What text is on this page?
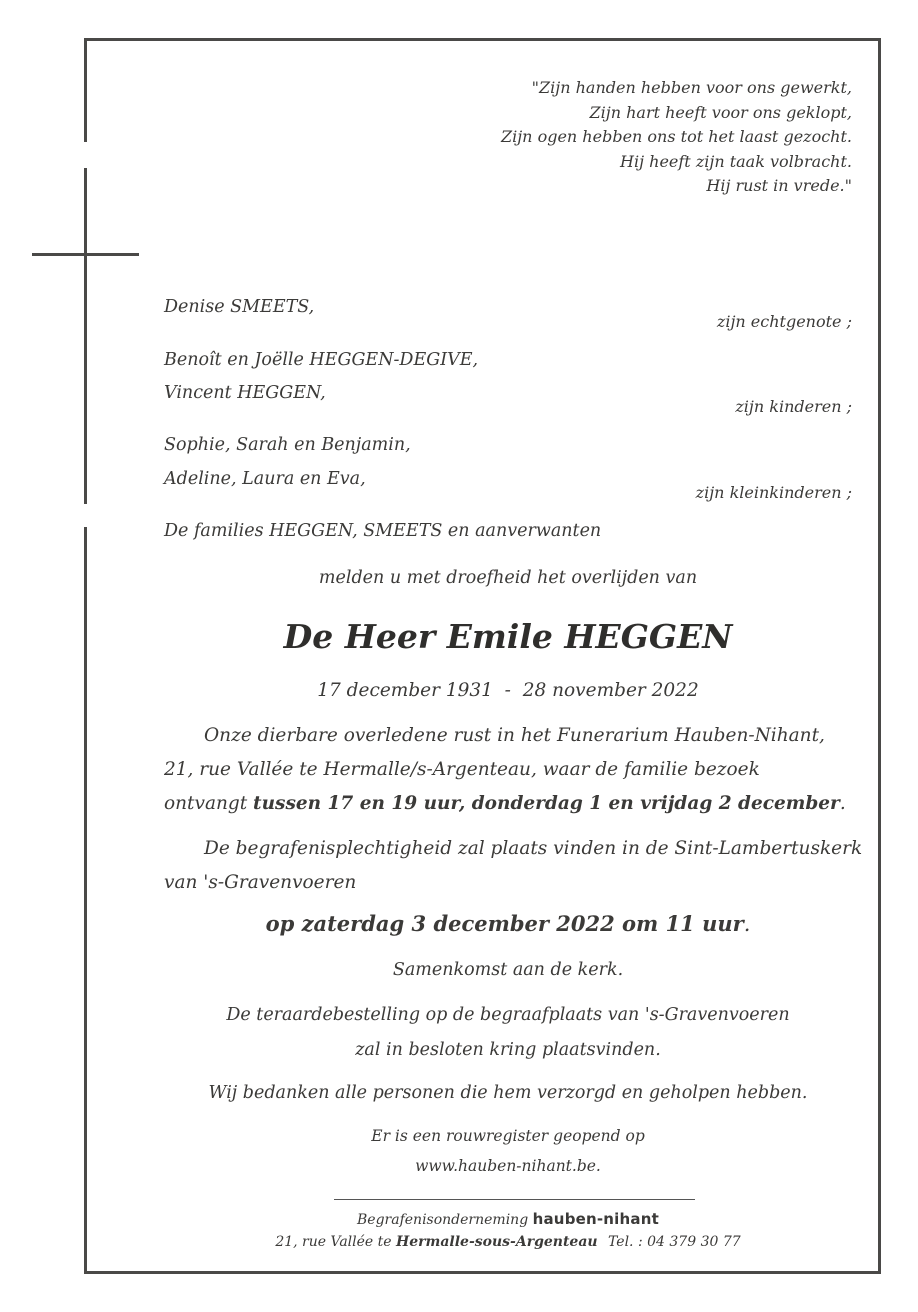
"Zijn handen hebben voor ons gewerkt,
Zijn hart heeft voor ons geklopt,
Zijn ogen hebben ons tot het laast gezocht.
Hij heeft zijn taak volbracht.
Hij rust in vrede."
Denise SMEETS,
zijn echtgenote ;
Benoît en Joëlle HEGGEN-DEGIVE,
Vincent HEGGEN,
zijn kinderen ;
Sophie, Sarah en Benjamin,
Adeline, Laura en Eva,
zijn kleinkinderen ;
De families HEGGEN, SMEETS en aanverwanten
melden u met droefheid het overlijden van
De Heer Emile HEGGEN
17 december 1931  -  28 november 2022
Onze dierbare overledene rust in het Funerarium Hauben-Nihant,
21, rue Vallée te Hermalle/s-Argenteau, waar de familie bezoek
ontvangt tussen 17 en 19 uur, donderdag 1 en vrijdag 2 december.
De begrafenisplechtigheid zal plaats vinden in de Sint-Lambertuskerk
van 's-Gravenvoeren
op zaterdag 3 december 2022 om 11 uur.
Samenkomst aan de kerk.
De teraardebestelling op de begraafplaats van 's-Gravenvoeren
zal in besloten kring plaatsvinden.
Wij bedanken alle personen die hem verzorgd en geholpen hebben.
Er is een rouwregister geopend op
www.hauben-nihant.be.
Begrafenisonderneming hauben-nihant
21, rue Vallée te Hermalle-sous-Argenteau Tel. : 04 379 30 77
